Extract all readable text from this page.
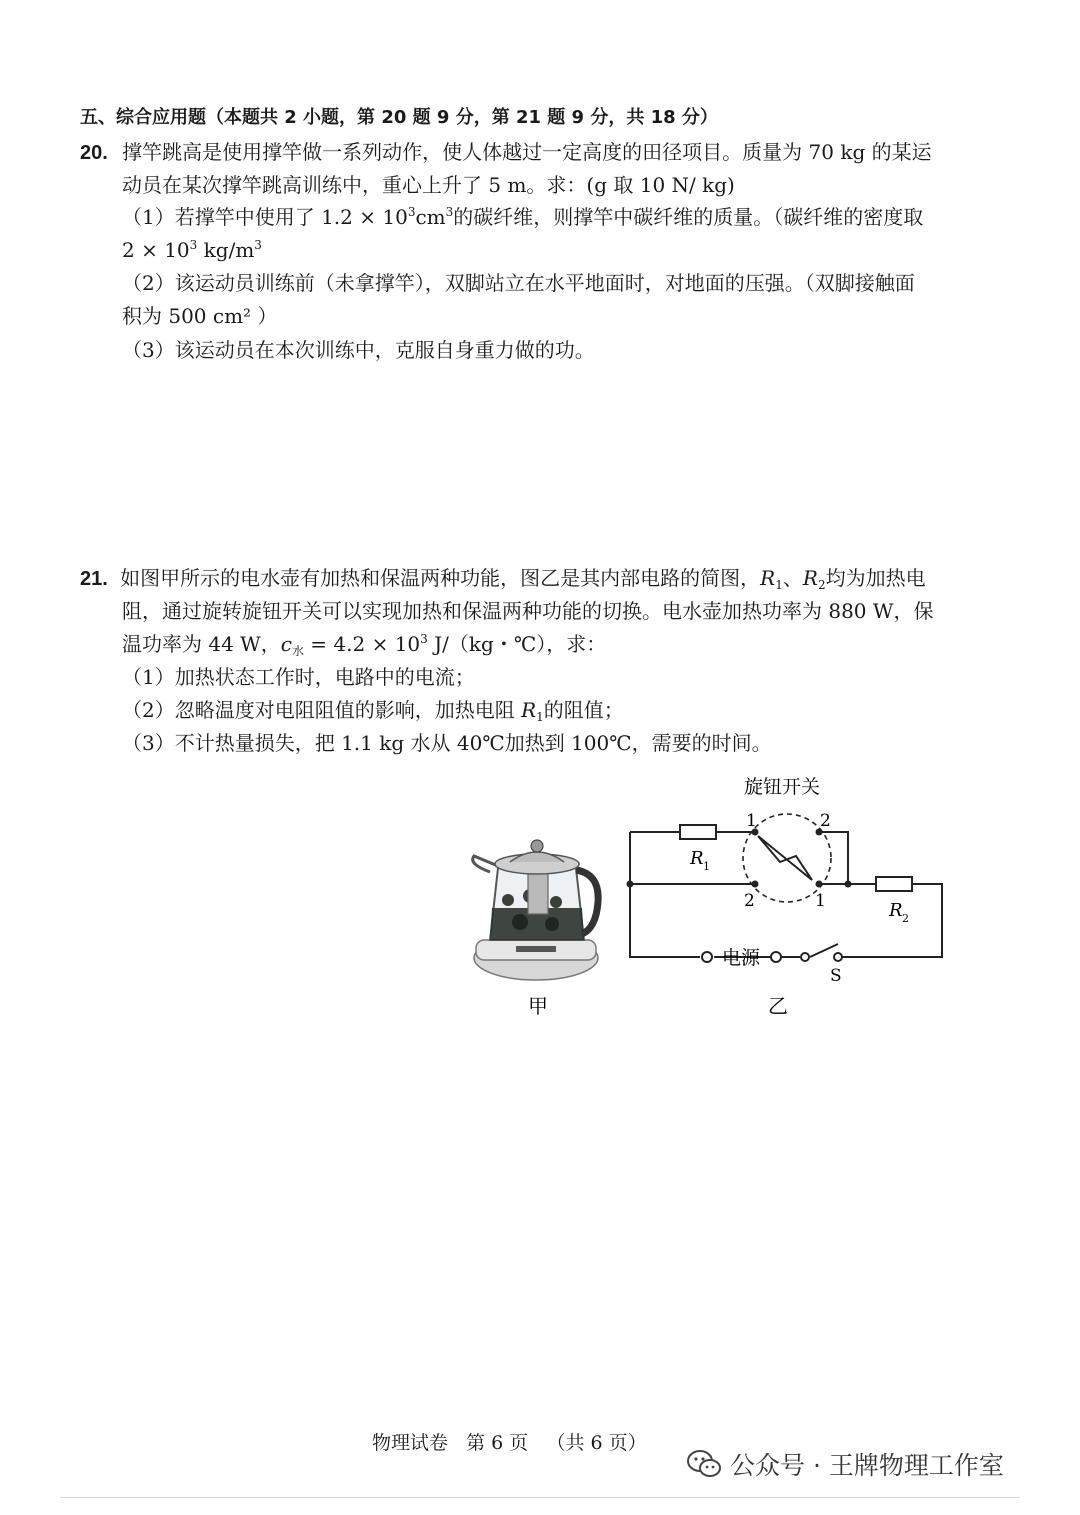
五、综合应用题（本题共 2 小题，第 20 题 9 分，第 21 题 9 分，共 18 分）
20. 撑竿跳高是使用撑竿做一系列动作，使人体越过一定高度的田径项目。质量为 70 kg 的某运
动员在某次撑竿跳高训练中，重心上升了 5 m。求：(g 取 10 N/ kg)
（1）若撑竿中使用了 $1.2 \times 10^3cm^3$的碳纤维，则撑竿中碳纤维的质量。（碳纤维的密度取
$2 \times 10^3$ $kg/m^3$
（2）该运动员训练前（未拿撑竿），双脚站立在水平地面时，对地面的压强。（双脚接触面
积为 500 cm² ）
（3）该运动员在本次训练中，克服自身重力做的功。
21. 如图甲所示的电水壶有加热和保温两种功能，图乙是其内部电路的简图，$R_1$、$R_2$均为加热电
阻，通过旋转旋钮开关可以实现加热和保温两种功能的切换。电水壶加热功率为 880 W，保
温功率为 44 W，$c_水 = 4.2 \times 10^3$ J/（kg・℃），求：
（1）加热状态工作时，电路中的电流；
（2）忽略温度对电阻阻值的影响，加热电阻 $R_1$的阻值；
（3）不计热量损失，把 1.1 kg 水从 40℃加热到 100℃，需要的时间。
甲
旋钮开关
1	2
2	1
R 1
R 2
电源
S
乙
物理试卷 第 6 页 （共 6 页）
公众号 · 王牌物理工作室
